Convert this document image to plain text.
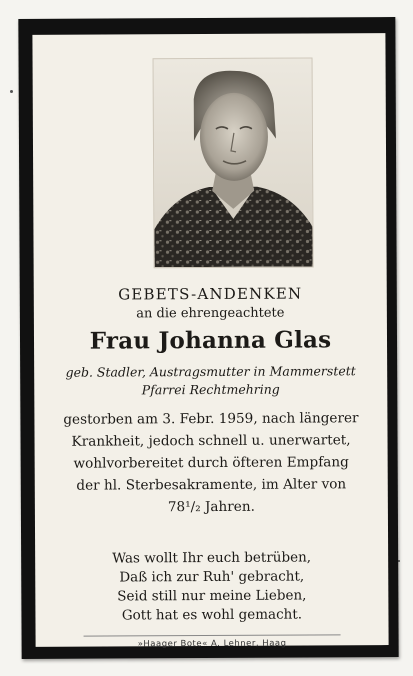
GEBETS-ANDENKEN
an die ehrengeachtete
Frau Johanna Glas
geb. Stadler, Austragsmutter in Mammerstett
Pfarrei Rechtmehring
gestorben am 3. Febr. 1959, nach längerer
Krankheit, jedoch schnell u. unerwartet,
wohlvorbereitet durch öfteren Empfang
der hl. Sterbesakramente, im Alter von
78¹/₂ Jahren.
Was wollt Ihr euch betrüben,
Daß ich zur Ruh' gebracht,
Seid still nur meine Lieben,
Gott hat es wohl gemacht.
»Haager Bote« A. Lehner, Haag
